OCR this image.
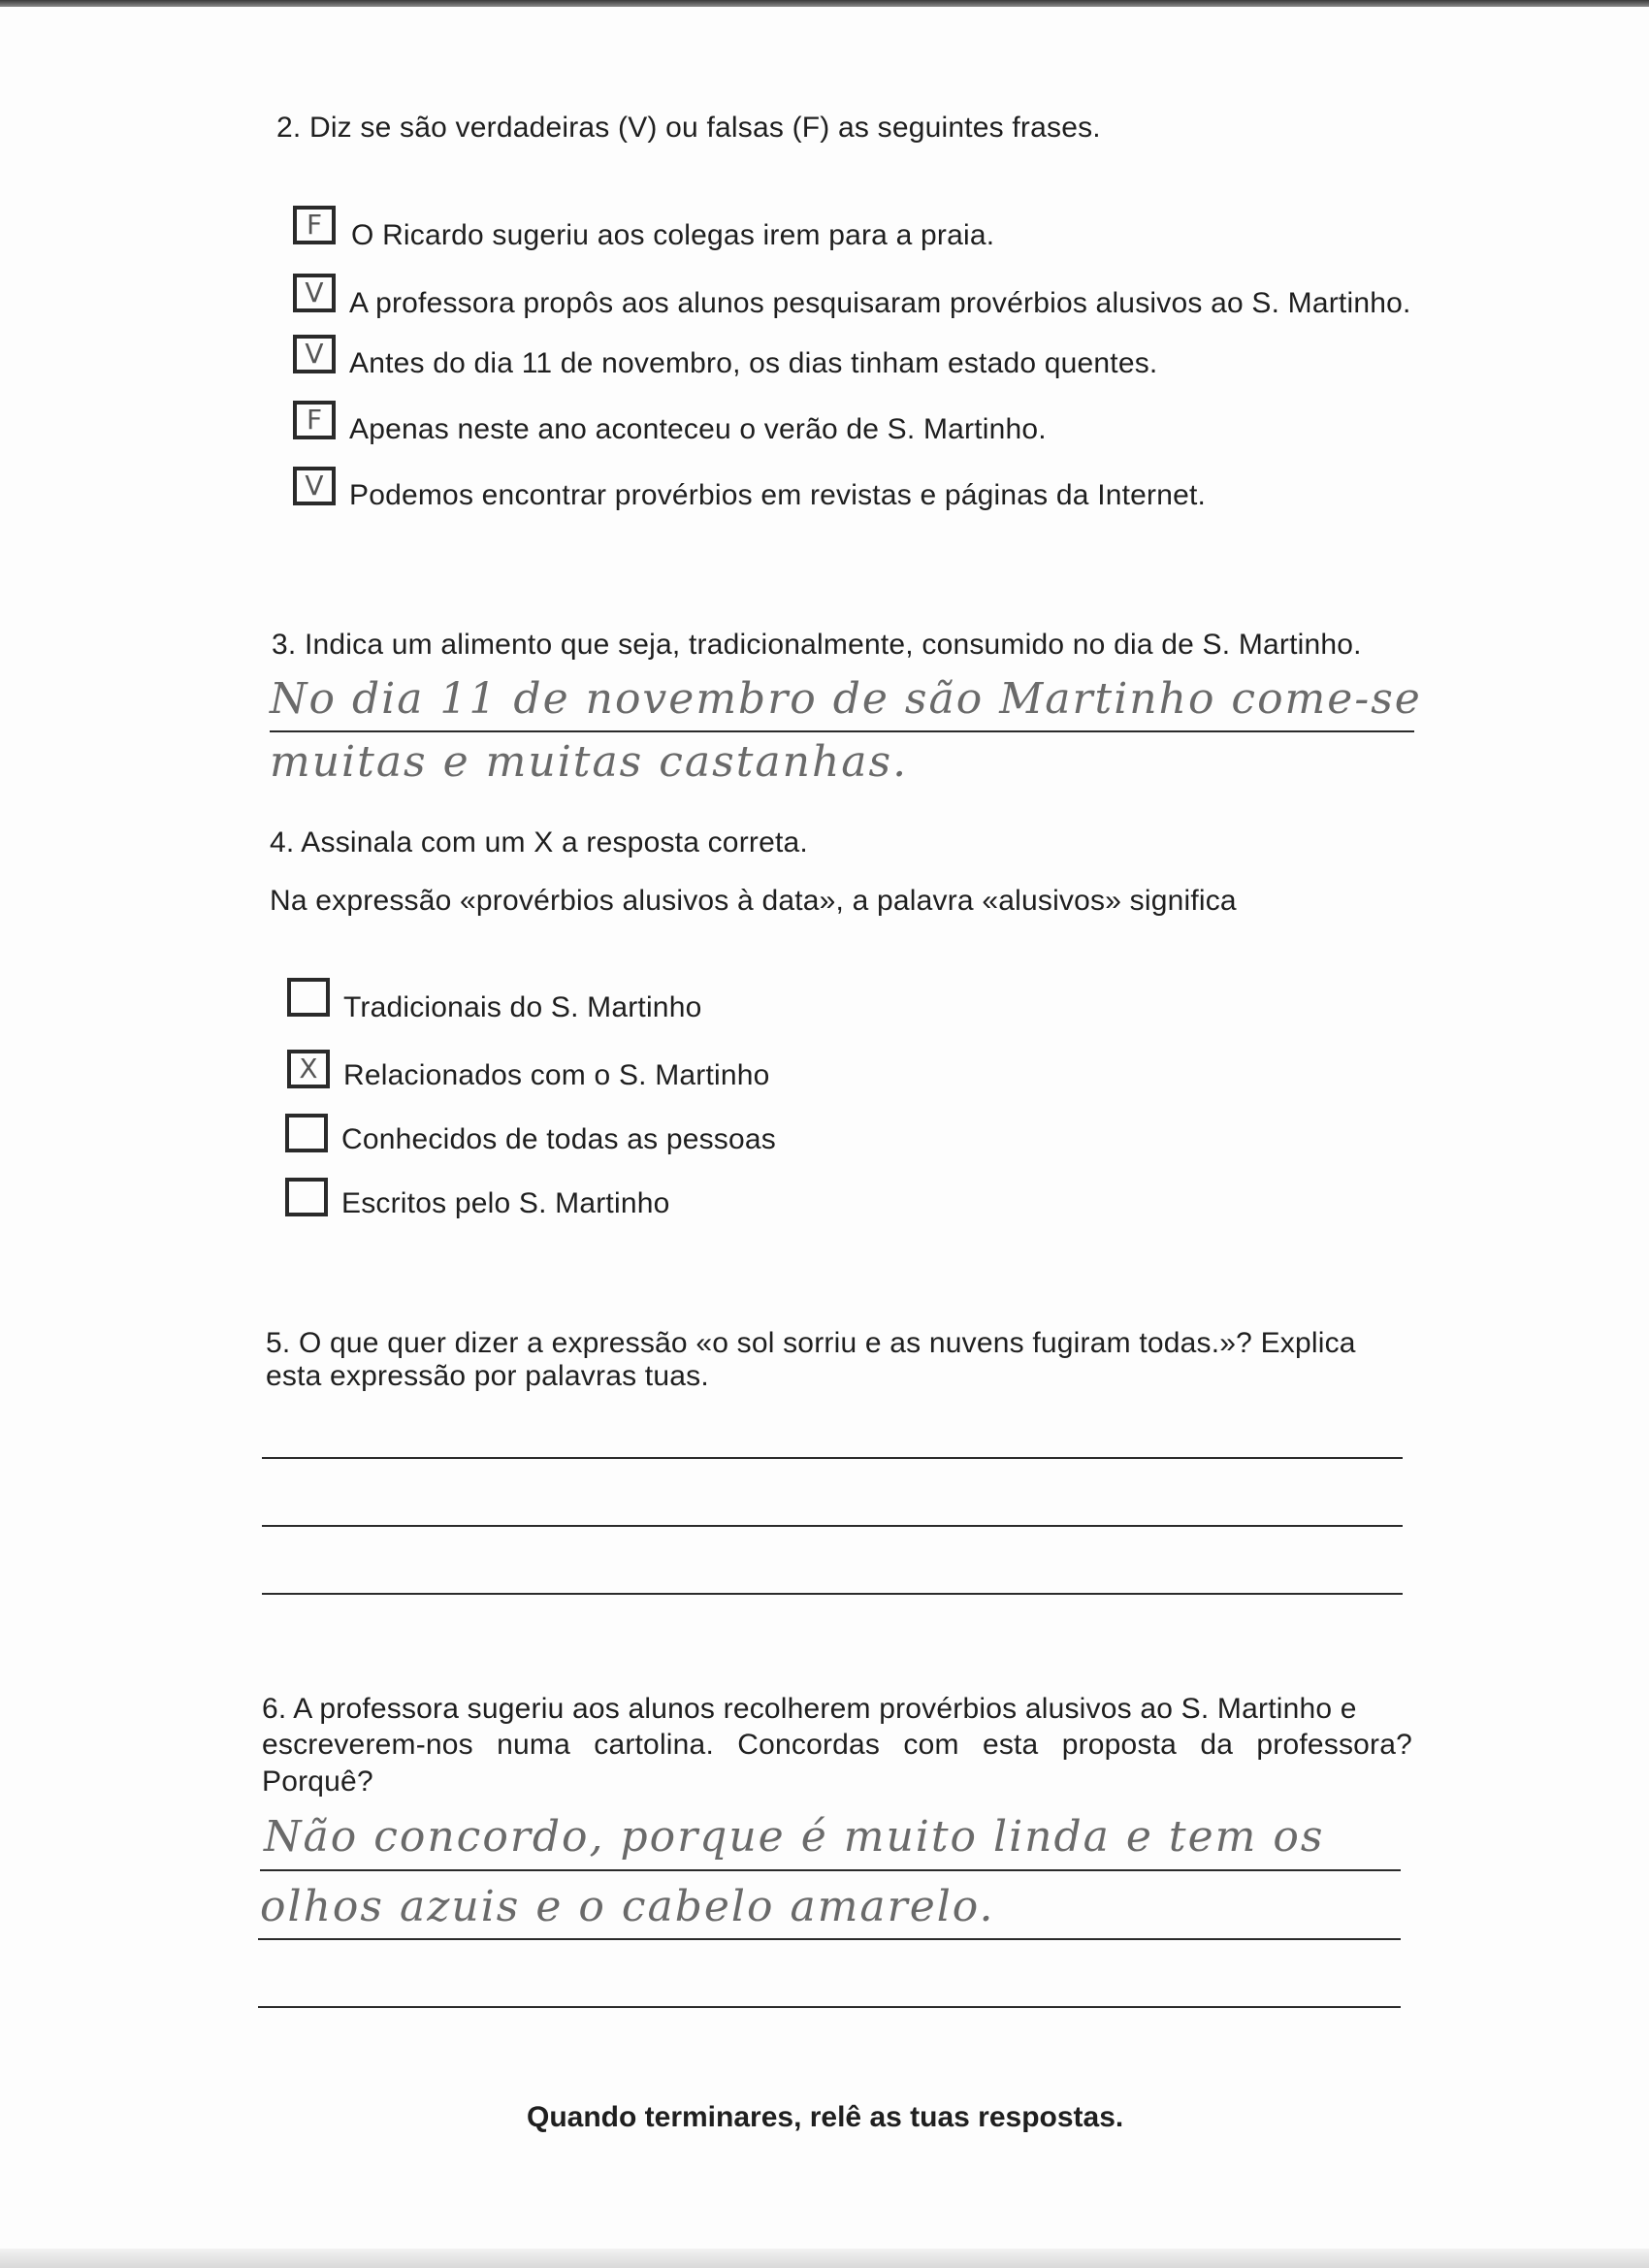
2. Diz se são verdadeiras (V) ou falsas (F) as seguintes frases.
F O Ricardo sugeriu aos colegas irem para a praia.
V A professora propôs aos alunos pesquisaram provérbios alusivos ao S. Martinho.
V Antes do dia 11 de novembro, os dias tinham estado quentes.
F Apenas neste ano aconteceu o verão de S. Martinho.
V Podemos encontrar provérbios em revistas e páginas da Internet.
3. Indica um alimento que seja, tradicionalmente, consumido no dia de S. Martinho.
No dia 11 de novembro de são Martinho come-se
muitas e muitas castanhas.
4. Assinala com um X a resposta correta.
Na expressão «provérbios alusivos à data», a palavra «alusivos» significa
Tradicionais do S. Martinho
X Relacionados com o S. Martinho
Conhecidos de todas as pessoas
Escritos pelo S. Martinho
5. O que quer dizer a expressão «o sol sorriu e as nuvens fugiram todas.»? Explica
esta expressão por palavras tuas.
6. A professora sugeriu aos alunos recolherem provérbios alusivos ao S. Martinho e
escreverem-nos numa cartolina. Concordas com esta proposta da professora?
Porquê?
Não concordo, porque é muito linda e tem os
olhos azuis e o cabelo amarelo.
Quando terminares, relê as tuas respostas.
